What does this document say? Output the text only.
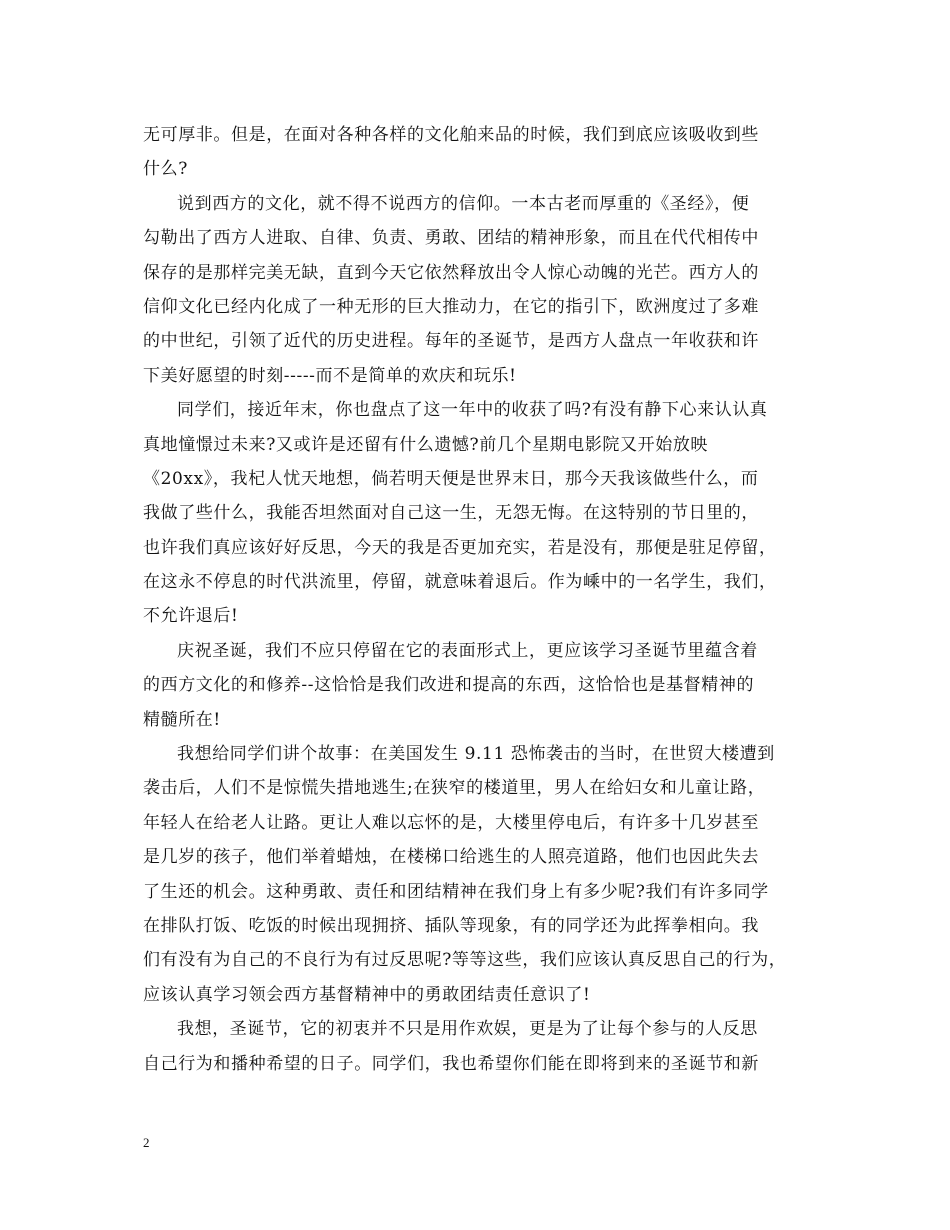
无可厚非。但是，在面对各种各样的文化舶来品的时候，我们到底应该吸收到些
什么?
说到西方的文化，就不得不说西方的信仰。一本古老而厚重的《圣经》，便
勾勒出了西方人进取、自律、负责、勇敢、团结的精神形象，而且在代代相传中
保存的是那样完美无缺，直到今天它依然释放出令人惊心动魄的光芒。西方人的
信仰文化已经内化成了一种无形的巨大推动力，在它的指引下，欧洲度过了多难
的中世纪，引领了近代的历史进程。每年的圣诞节，是西方人盘点一年收获和许
下美好愿望的时刻-----而不是简单的欢庆和玩乐!
同学们，接近年末，你也盘点了这一年中的收获了吗?有没有静下心来认认真
真地憧憬过未来?又或许是还留有什么遗憾?前几个星期电影院又开始放映
《20xx》，我杞人忧天地想，倘若明天便是世界末日，那今天我该做些什么，而
我做了些什么，我能否坦然面对自己这一生，无怨无悔。在这特别的节日里的，
也许我们真应该好好反思，今天的我是否更加充实，若是没有，那便是驻足停留，
在这永不停息的时代洪流里，停留，就意味着退后。作为嵊中的一名学生，我们，
不允许退后!
庆祝圣诞，我们不应只停留在它的表面形式上，更应该学习圣诞节里蕴含着
的西方文化的和修养--这恰恰是我们改进和提高的东西，这恰恰也是基督精神的
精髓所在!
我想给同学们讲个故事：在美国发生 9.11 恐怖袭击的当时，在世贸大楼遭到
袭击后，人们不是惊慌失措地逃生;在狭窄的楼道里，男人在给妇女和儿童让路，
年轻人在给老人让路。更让人难以忘怀的是，大楼里停电后，有许多十几岁甚至
是几岁的孩子，他们举着蜡烛，在楼梯口给逃生的人照亮道路，他们也因此失去
了生还的机会。这种勇敢、责任和团结精神在我们身上有多少呢?我们有许多同学
在排队打饭、吃饭的时候出现拥挤、插队等现象，有的同学还为此挥拳相向。我
们有没有为自己的不良行为有过反思呢?等等这些，我们应该认真反思自己的行为，
应该认真学习领会西方基督精神中的勇敢团结责任意识了!
我想，圣诞节，它的初衷并不只是用作欢娱，更是为了让每个参与的人反思
自己行为和播种希望的日子。同学们，我也希望你们能在即将到来的圣诞节和新
2
